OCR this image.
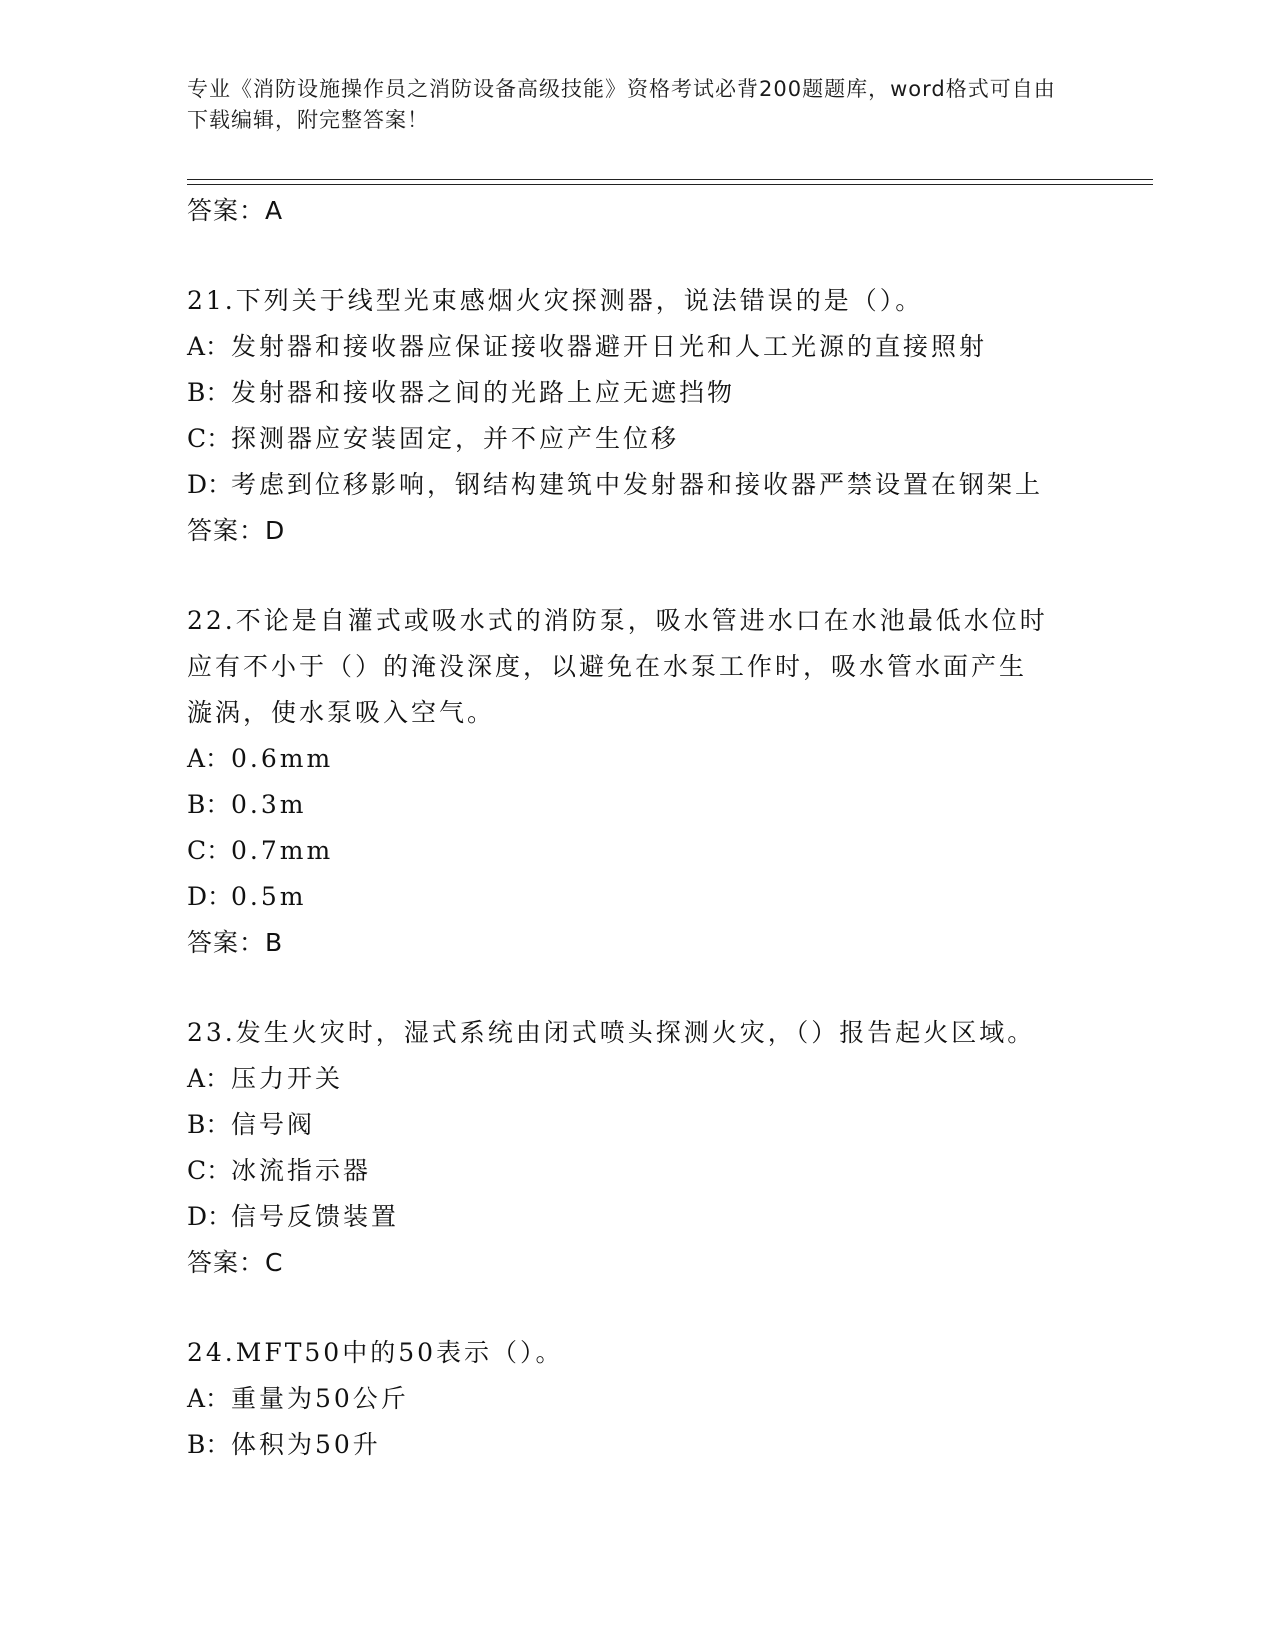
专业《消防设施操作员之消防设备高级技能》资格考试必背200题题库，word格式可自由下载编辑，附完整答案！
答案：A
21.下列关于线型光束感烟火灾探测器，说法错误的是（）。
A：发射器和接收器应保证接收器避开日光和人工光源的直接照射
B：发射器和接收器之间的光路上应无遮挡物
C：探测器应安装固定，并不应产生位移
D：考虑到位移影响，钢结构建筑中发射器和接收器严禁设置在钢架上
答案：D
22.不论是自灌式或吸水式的消防泵，吸水管进水口在水池最低水位时
应有不小于（）的淹没深度，以避免在水泵工作时，吸水管水面产生
漩涡，使水泵吸入空气。
A：0.6mm
B：0.3m
C：0.7mm
D：0.5m
答案：B
23.发生火灾时，湿式系统由闭式喷头探测火灾，（）报告起火区域。
A：压力开关
B：信号阀
C：冰流指示器
D：信号反馈装置
答案：C
24.MFT50中的50表示（）。
A：重量为50公斤
B：体积为50升
